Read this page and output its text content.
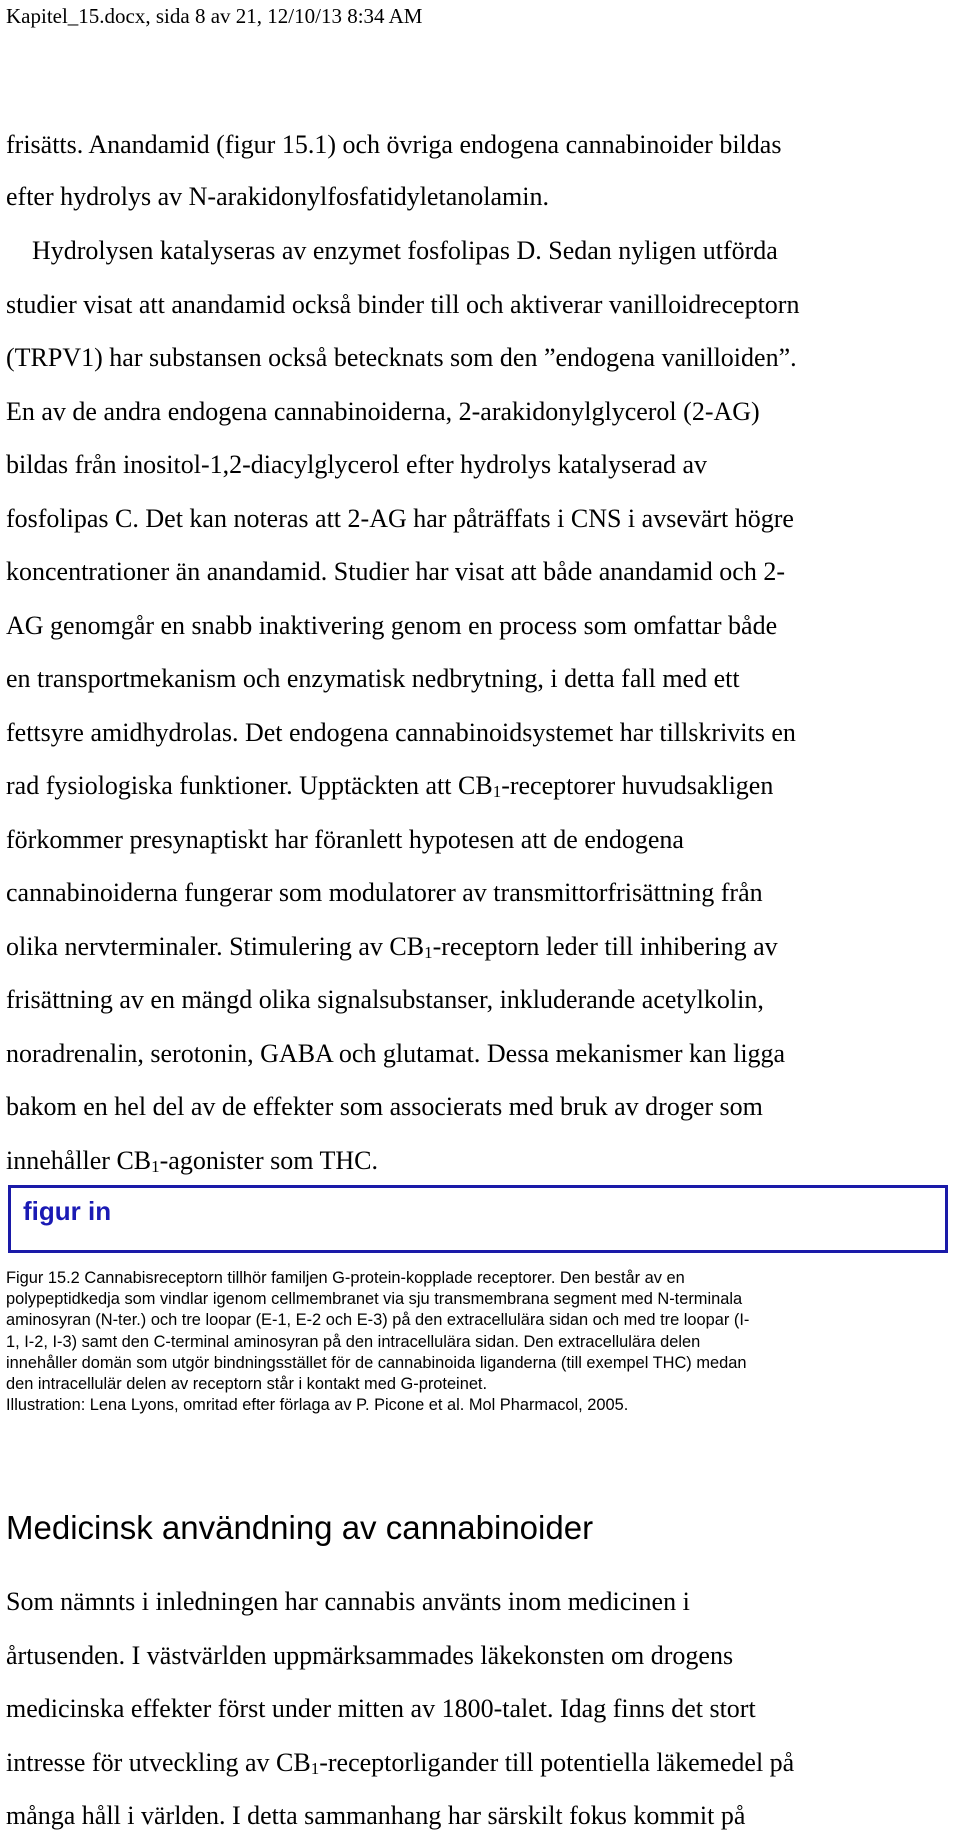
Kapitel_15.docx, sida 8 av 21, 12/10/13 8:34 AM
frisätts. Anandamid (figur 15.1) och övriga endogena cannabinoider bildas
efter hydrolys av N-arakidonylfosfatidyletanolamin.
Hydrolysen katalyseras av enzymet fosfolipas D. Sedan nyligen utförda
studier visat att anandamid också binder till och aktiverar vanilloidreceptorn
(TRPV1) har substansen också betecknats som den ”endogena vanilloiden”.
En av de andra endogena cannabinoiderna, 2-arakidonylglycerol (2-AG)
bildas från inositol-1,2-diacylglycerol efter hydrolys katalyserad av
fosfolipas C. Det kan noteras att 2-AG har påträffats i CNS i avsevärt högre
koncentrationer än anandamid. Studier har visat att både anandamid och 2-
AG genomgår en snabb inaktivering genom en process som omfattar både
en transportmekanism och enzymatisk nedbrytning, i detta fall med ett
fettsyre amidhydrolas. Det endogena cannabinoidsystemet har tillskrivits en
rad fysiologiska funktioner. Upptäckten att $CB_1$-receptorer huvudsakligen
förkommer presynaptiskt har föranlett hypotesen att de endogena
cannabinoiderna fungerar som modulatorer av transmittorfrisättning från
olika nervterminaler. Stimulering av $CB_1$-receptorn leder till inhibering av
frisättning av en mängd olika signalsubstanser, inkluderande acetylkolin,
noradrenalin, serotonin, GABA och glutamat. Dessa mekanismer kan ligga
bakom en hel del av de effekter som associerats med bruk av droger som
innehåller $CB_1$-agonister som THC.
figur in
Figur 15.2 Cannabisreceptorn tillhör familjen G-protein-kopplade receptorer. Den består av en
polypeptidkedja som vindlar igenom cellmembranet via sju transmembrana segment med N-terminala
aminosyran (N-ter.) och tre loopar (E-1, E-2 och E-3) på den extracellulära sidan och med tre loopar (I-
1, I-2, I-3) samt den C-terminal aminosyran på den intracellulära sidan. Den extracellulära delen
innehåller domän som utgör bindningsstället för de cannabinoida liganderna (till exempel THC) medan
den intracellulär delen av receptorn står i kontakt med G-proteinet.
Illustration: Lena Lyons, omritad efter förlaga av P. Picone et al. Mol Pharmacol, 2005.
Medicinsk användning av cannabinoider
Som nämnts i inledningen har cannabis använts inom medicinen i
årtusenden. I västvärlden uppmärksammades läkekonsten om drogens
medicinska effekter först under mitten av 1800-talet. Idag finns det stort
intresse för utveckling av $CB_1$-receptorligander till potentiella läkemedel på
många håll i världen. I detta sammanhang har särskilt fokus kommit på
